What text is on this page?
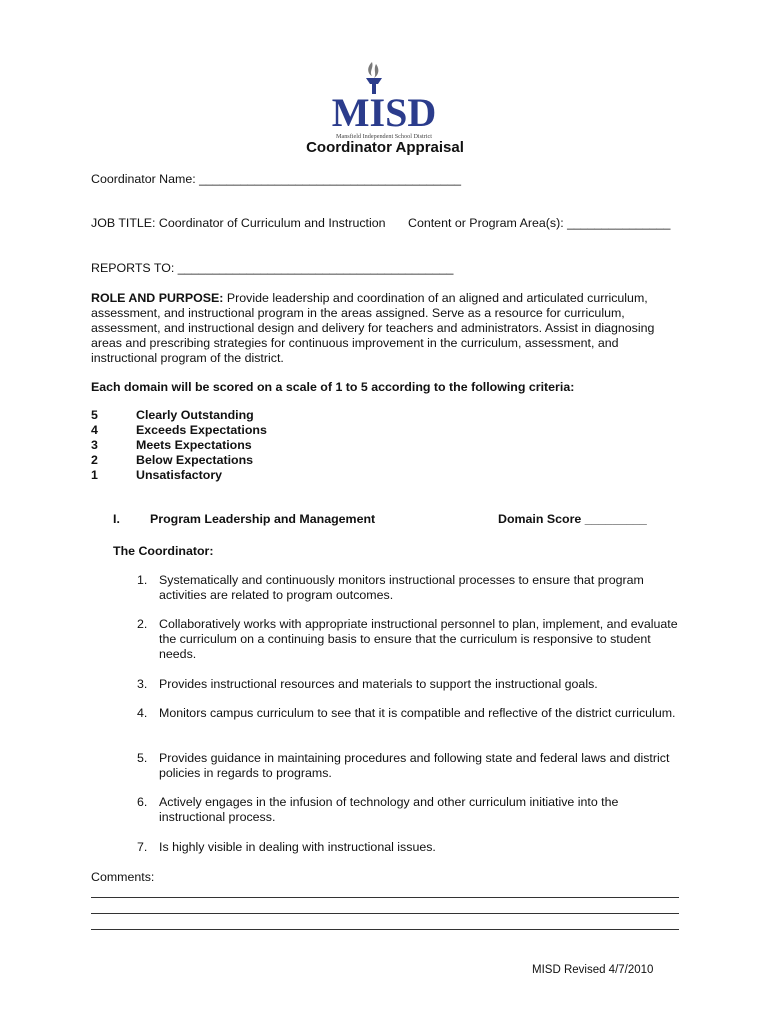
MISD
Mansfield Independent School District
Coordinator Appraisal
Coordinator Name: ______________________________________
JOB TITLE: Coordinator of Curriculum and Instruction Content or Program Area(s): _______________
REPORTS TO: ________________________________________
ROLE AND PURPOSE: Provide leadership and coordination of an aligned and articulated curriculum, assessment, and instructional program in the areas assigned. Serve as a resource for curriculum, assessment, and instructional design and delivery for teachers and administrators. Assist in diagnosing areas and prescribing strategies for continuous improvement in the curriculum, assessment, and instructional program of the district.
Each domain will be scored on a scale of 1 to 5 according to the following criteria:
5	Clearly Outstanding
4	Exceeds Expectations
3	Meets Expectations
2	Below Expectations
1	Unsatisfactory
I. Program Leadership and Management	Domain Score _________
The Coordinator:
1. Systematically and continuously monitors instructional processes to ensure that program activities are related to program outcomes.
2. Collaboratively works with appropriate instructional personnel to plan, implement, and evaluate the curriculum on a continuing basis to ensure that the curriculum is responsive to student needs.
3. Provides instructional resources and materials to support the instructional goals.
4. Monitors campus curriculum to see that it is compatible and reflective of the district curriculum.
5. Provides guidance in maintaining procedures and following state and federal laws and district policies in regards to programs.
6. Actively engages in the infusion of technology and other curriculum initiative into the instructional process.
7. Is highly visible in dealing with instructional issues.
Comments:
MISD Revised 4/7/2010
